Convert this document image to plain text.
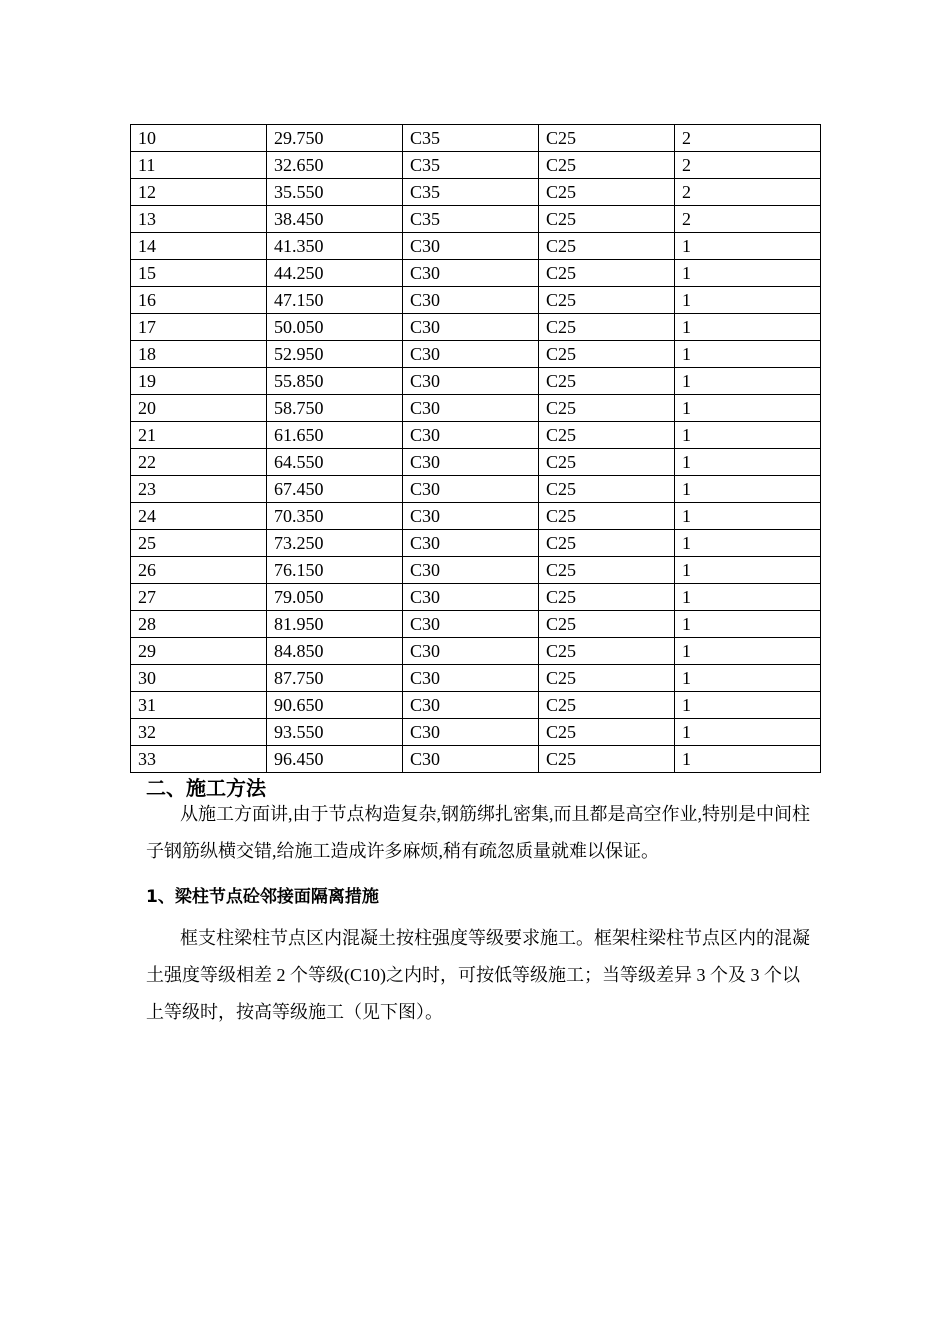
10	29.750	C35	C25	2
11	32.650	C35	C25	2
12	35.550	C35	C25	2
13	38.450	C35	C25	2
14	41.350	C30	C25	1
15	44.250	C30	C25	1
16	47.150	C30	C25	1
17	50.050	C30	C25	1
18	52.950	C30	C25	1
19	55.850	C30	C25	1
20	58.750	C30	C25	1
21	61.650	C30	C25	1
22	64.550	C30	C25	1
23	67.450	C30	C25	1
24	70.350	C30	C25	1
25	73.250	C30	C25	1
26	76.150	C30	C25	1
27	79.050	C30	C25	1
28	81.950	C30	C25	1
29	84.850	C30	C25	1
30	87.750	C30	C25	1
31	90.650	C30	C25	1
32	93.550	C30	C25	1
33	96.450	C30	C25	1
二、施工方法
从施工方面讲,由于节点构造复杂,钢筋绑扎密集,而且都是高空作业,特别是中间柱子钢筋纵横交错,给施工造成许多麻烦,稍有疏忽质量就难以保证。
1、梁柱节点砼邻接面隔离措施
框支柱梁柱节点区内混凝土按柱强度等级要求施工。框架柱梁柱节点区内的混凝土强度等级相差 2 个等级(C10)之内时，可按低等级施工；当等级差异 3 个及 3 个以上等级时，按高等级施工（见下图）。
